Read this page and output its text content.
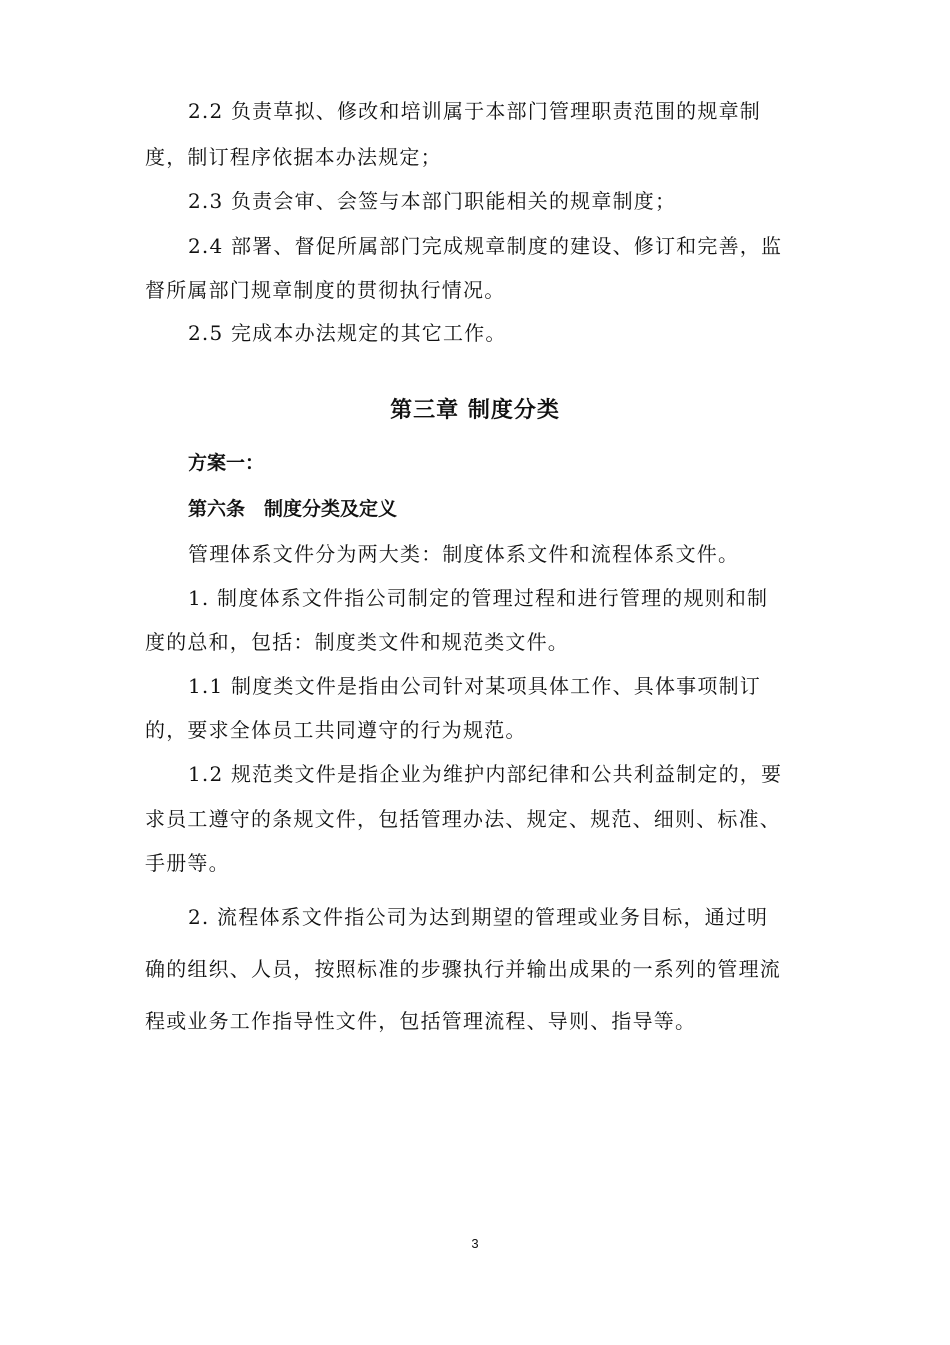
2.2 负责草拟、修改和培训属于本部门管理职责范围的规章制
度，制订程序依据本办法规定；
2.3 负责会审、会签与本部门职能相关的规章制度；
2.4 部署、督促所属部门完成规章制度的建设、修订和完善，监
督所属部门规章制度的贯彻执行情况。
2.5 完成本办法规定的其它工作。
第三章 制度分类
方案一：
第六条　制度分类及定义
管理体系文件分为两大类：制度体系文件和流程体系文件。
1. 制度体系文件指公司制定的管理过程和进行管理的规则和制
度的总和，包括：制度类文件和规范类文件。
1.1 制度类文件是指由公司针对某项具体工作、具体事项制订
的，要求全体员工共同遵守的行为规范。
1.2 规范类文件是指企业为维护内部纪律和公共利益制定的，要
求员工遵守的条规文件，包括管理办法、规定、规范、细则、标准、
手册等。
2. 流程体系文件指公司为达到期望的管理或业务目标，通过明
确的组织、人员，按照标准的步骤执行并输出成果的一系列的管理流
程或业务工作指导性文件，包括管理流程、导则、指导等。
3
